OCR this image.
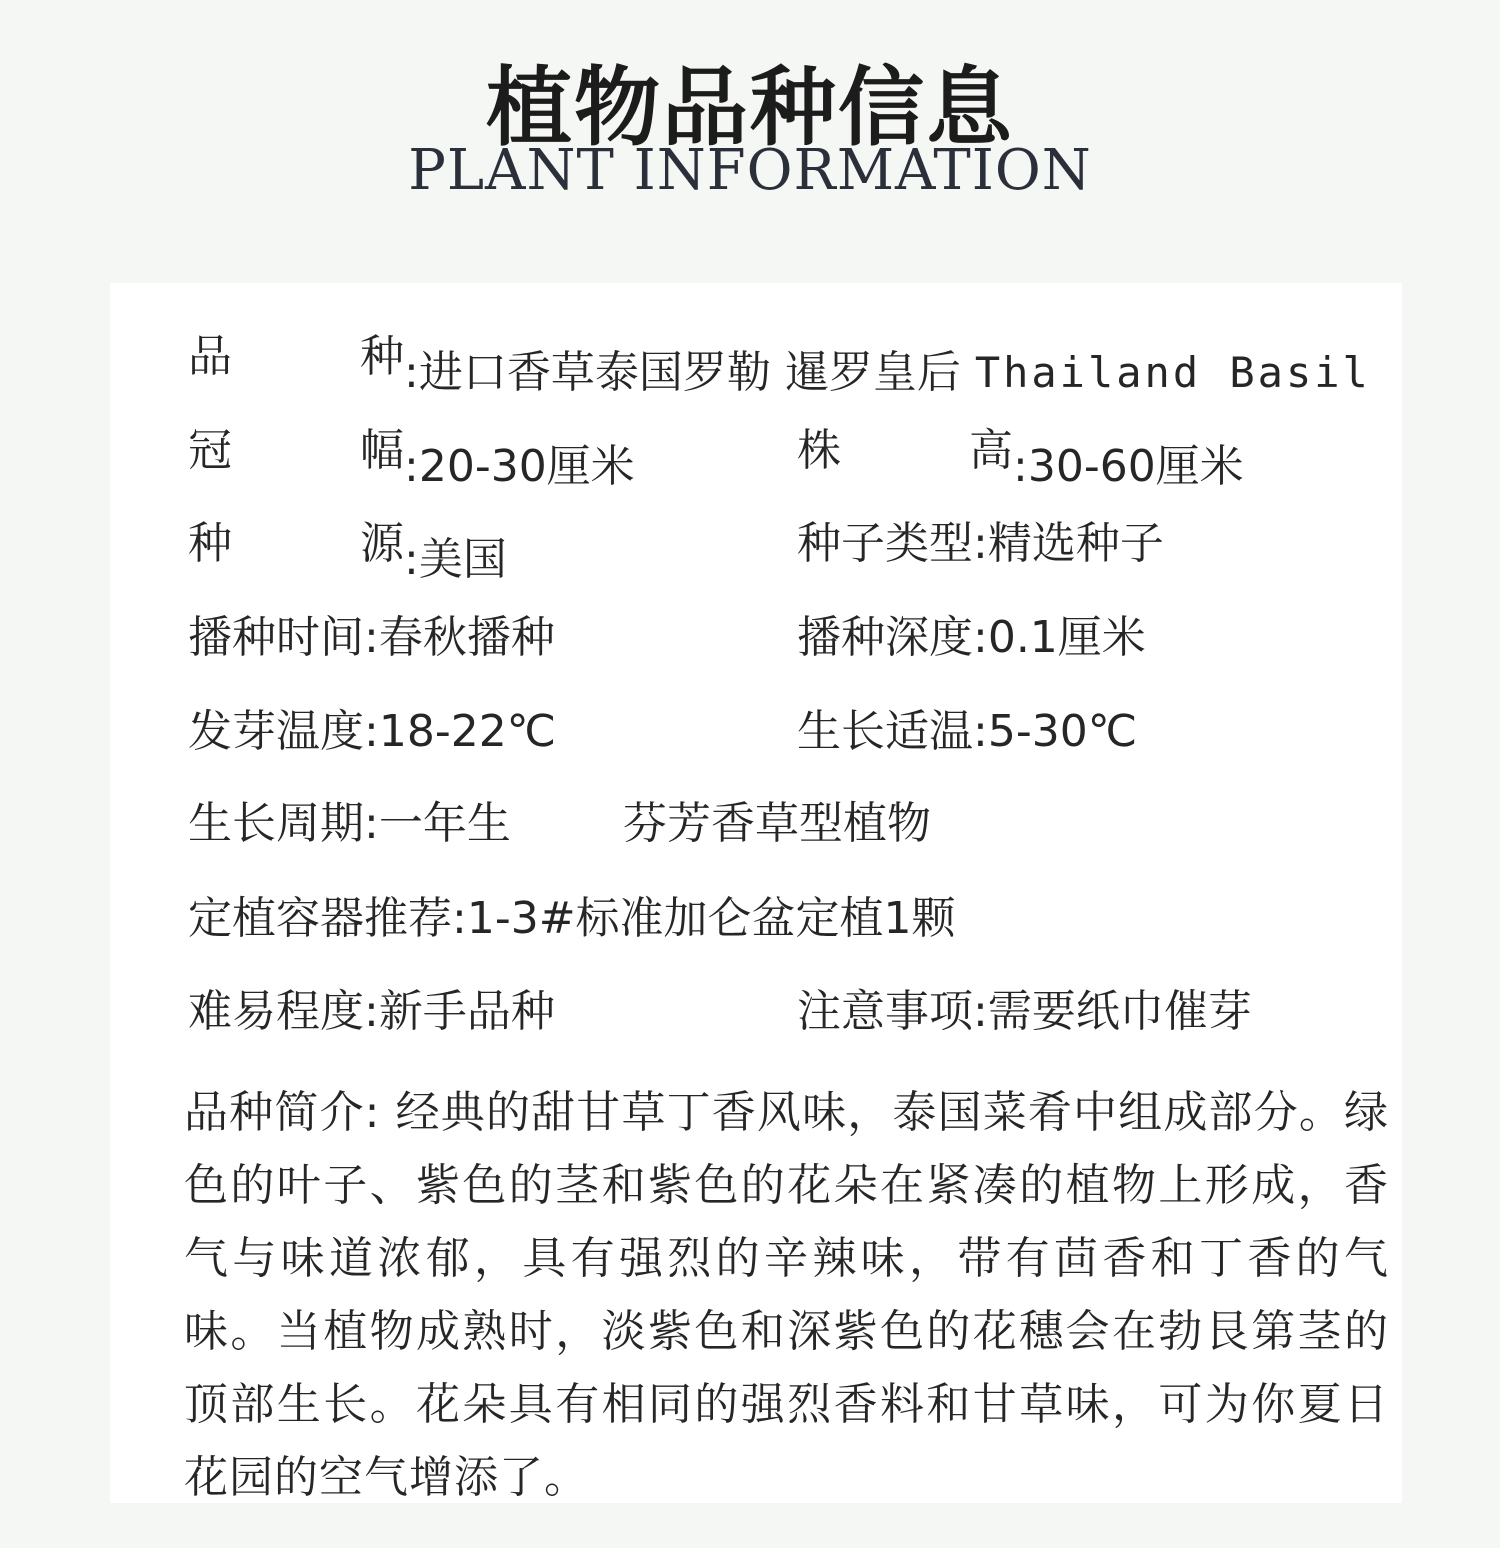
植物品种信息
PLANT INFORMATION
品	种 :进口香草泰国罗勒 暹罗皇后 Thailand Basil
冠	幅 :20-30厘米	株	高 :30-60厘米
种	源 :美国	种子类型:精选种子
播种时间:春秋播种	播种深度:0.1厘米
发芽温度:18-22℃	生长适温:5-30℃
生长周期:一年生	芬芳香草型植物
定植容器推荐:1-3#标准加仑盆定植1颗
难易程度:新手品种	注意事项:需要纸巾催芽
品种简介: 经典的甜甘草丁香风味，泰国菜肴中组成部分。绿色的叶子、紫色的茎和紫色的花朵在紧凑的植物上形成，香气与味道浓郁，具有强烈的辛辣味，带有茴香和丁香的气味。当植物成熟时，淡紫色和深紫色的花穗会在勃艮第茎的顶部生长。花朵具有相同的强烈香料和甘草味，可为你夏日花园的空气增添了。
